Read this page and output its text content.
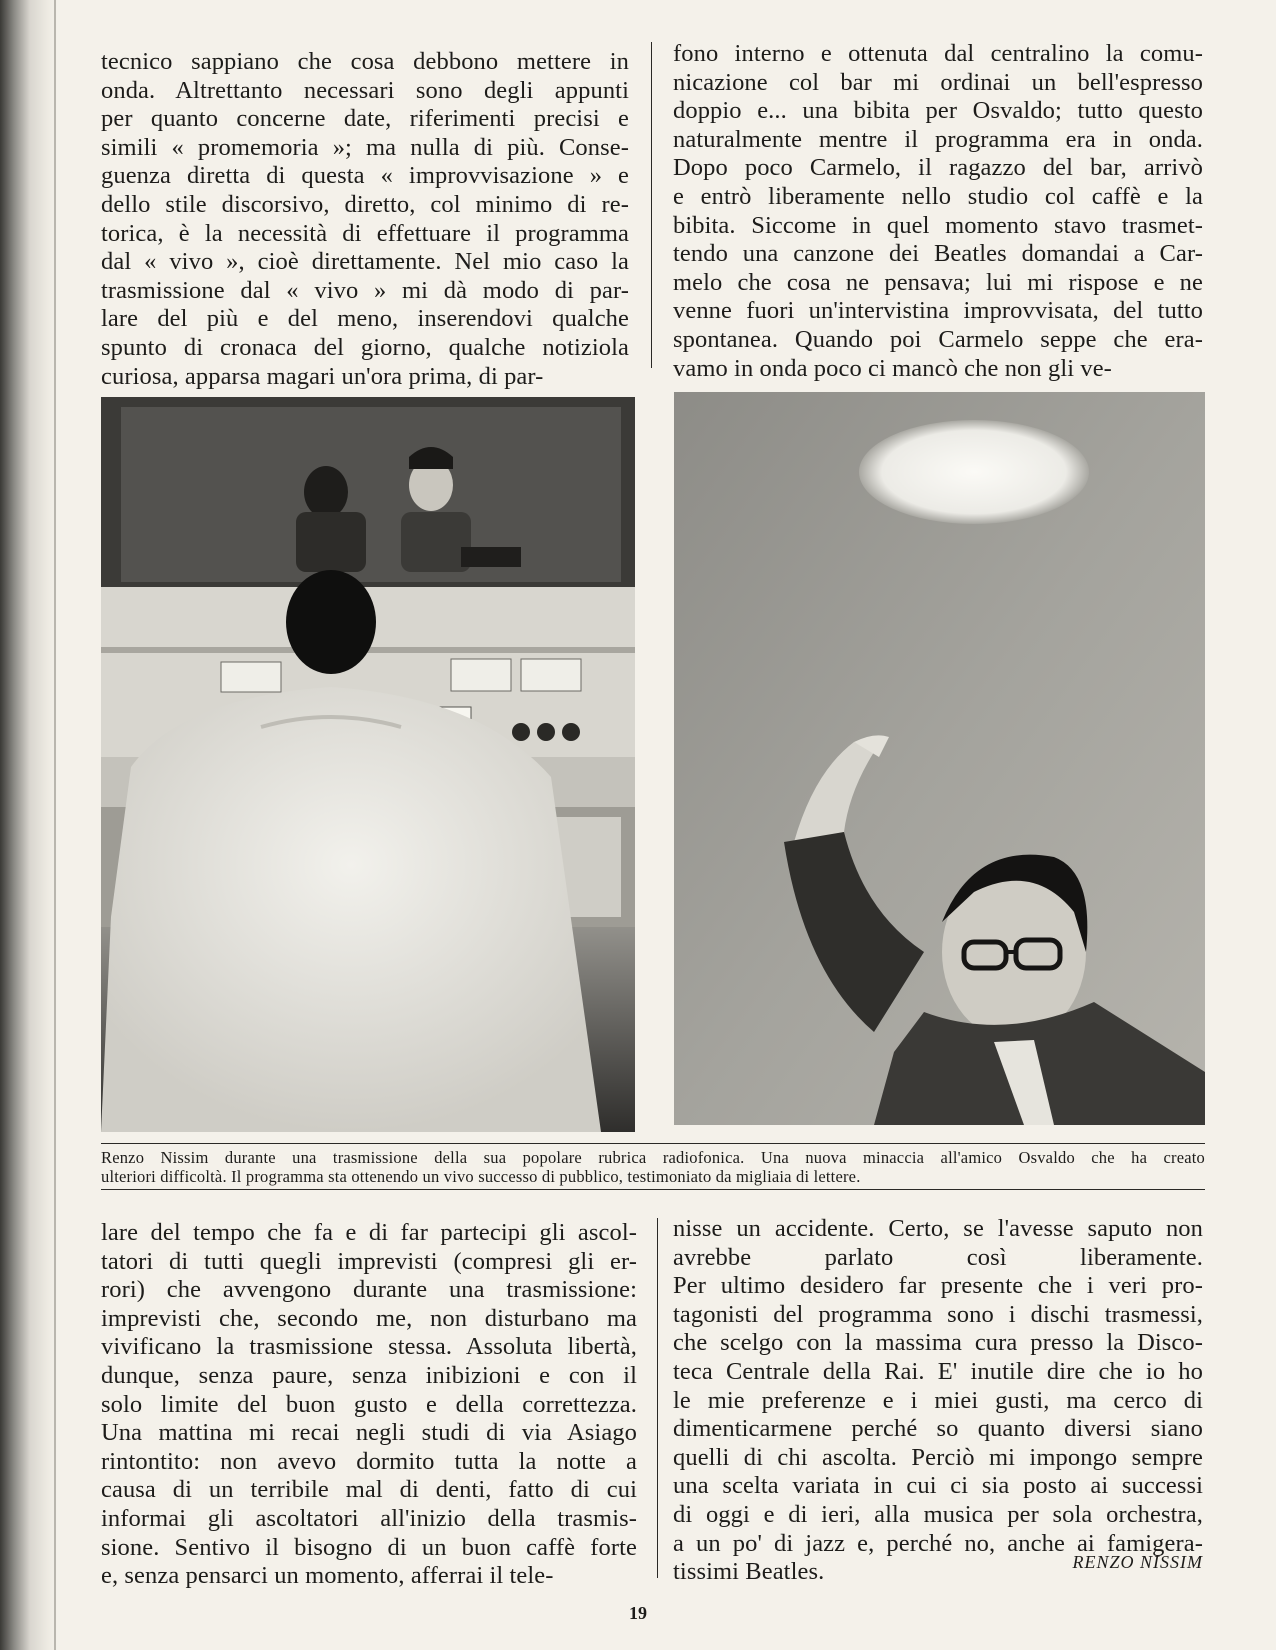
tecnico sappiano che cosa debbono mettere in
onda. Altrettanto necessari sono degli appunti
per quanto concerne date, riferimenti precisi e
simili « promemoria »; ma nulla di più. Conse-
guenza diretta di questa « improvvisazione » e
dello stile discorsivo, diretto, col minimo di re-
torica, è la necessità di effettuare il programma
dal « vivo », cioè direttamente. Nel mio caso la
trasmissione dal « vivo » mi dà modo di par-
lare del più e del meno, inserendovi qualche
spunto di cronaca del giorno, qualche notiziola
curiosa, apparsa magari un'ora prima, di par-
fono interno e ottenuta dal centralino la comu-
nicazione col bar mi ordinai un bell'espresso
doppio e... una bibita per Osvaldo; tutto questo
naturalmente mentre il programma era in onda.
Dopo poco Carmelo, il ragazzo del bar, arrivò
e entrò liberamente nello studio col caffè e la
bibita. Siccome in quel momento stavo trasmet-
tendo una canzone dei Beatles domandai a Car-
melo che cosa ne pensava; lui mi rispose e ne
venne fuori un'intervistina improvvisata, del tutto
spontanea. Quando poi Carmelo seppe che era-
vamo in onda poco ci mancò che non gli ve-
Renzo Nissim durante una trasmissione della sua popolare rubrica radiofonica. Una nuova minaccia all'amico Osvaldo che ha creato
ulteriori difficoltà. Il programma sta ottenendo un vivo successo di pubblico, testimoniato da migliaia di lettere.
lare del tempo che fa e di far partecipi gli ascol-
tatori di tutti quegli imprevisti (compresi gli er-
rori) che avvengono durante una trasmissione:
imprevisti che, secondo me, non disturbano ma
vivificano la trasmissione stessa. Assoluta libertà,
dunque, senza paure, senza inibizioni e con il
solo limite del buon gusto e della correttezza.
Una mattina mi recai negli studi di via Asiago
rintontito: non avevo dormito tutta la notte a
causa di un terribile mal di denti, fatto di cui
informai gli ascoltatori all'inizio della trasmis-
sione. Sentivo il bisogno di un buon caffè forte
e, senza pensarci un momento, afferrai il tele-
nisse un accidente. Certo, se l'avesse saputo non
avrebbe parlato così liberamente.
Per ultimo desidero far presente che i veri pro-
tagonisti del programma sono i dischi trasmessi,
che scelgo con la massima cura presso la Disco-
teca Centrale della Rai. E' inutile dire che io ho
le mie preferenze e i miei gusti, ma cerco di
dimenticarmene perché so quanto diversi siano
quelli di chi ascolta. Perciò mi impongo sempre
una scelta variata in cui ci sia posto ai successi
di oggi e di ieri, alla musica per sola orchestra,
a un po' di jazz e, perché no, anche ai famigera-
tissimi Beatles.	RENZO NISSIM
19
